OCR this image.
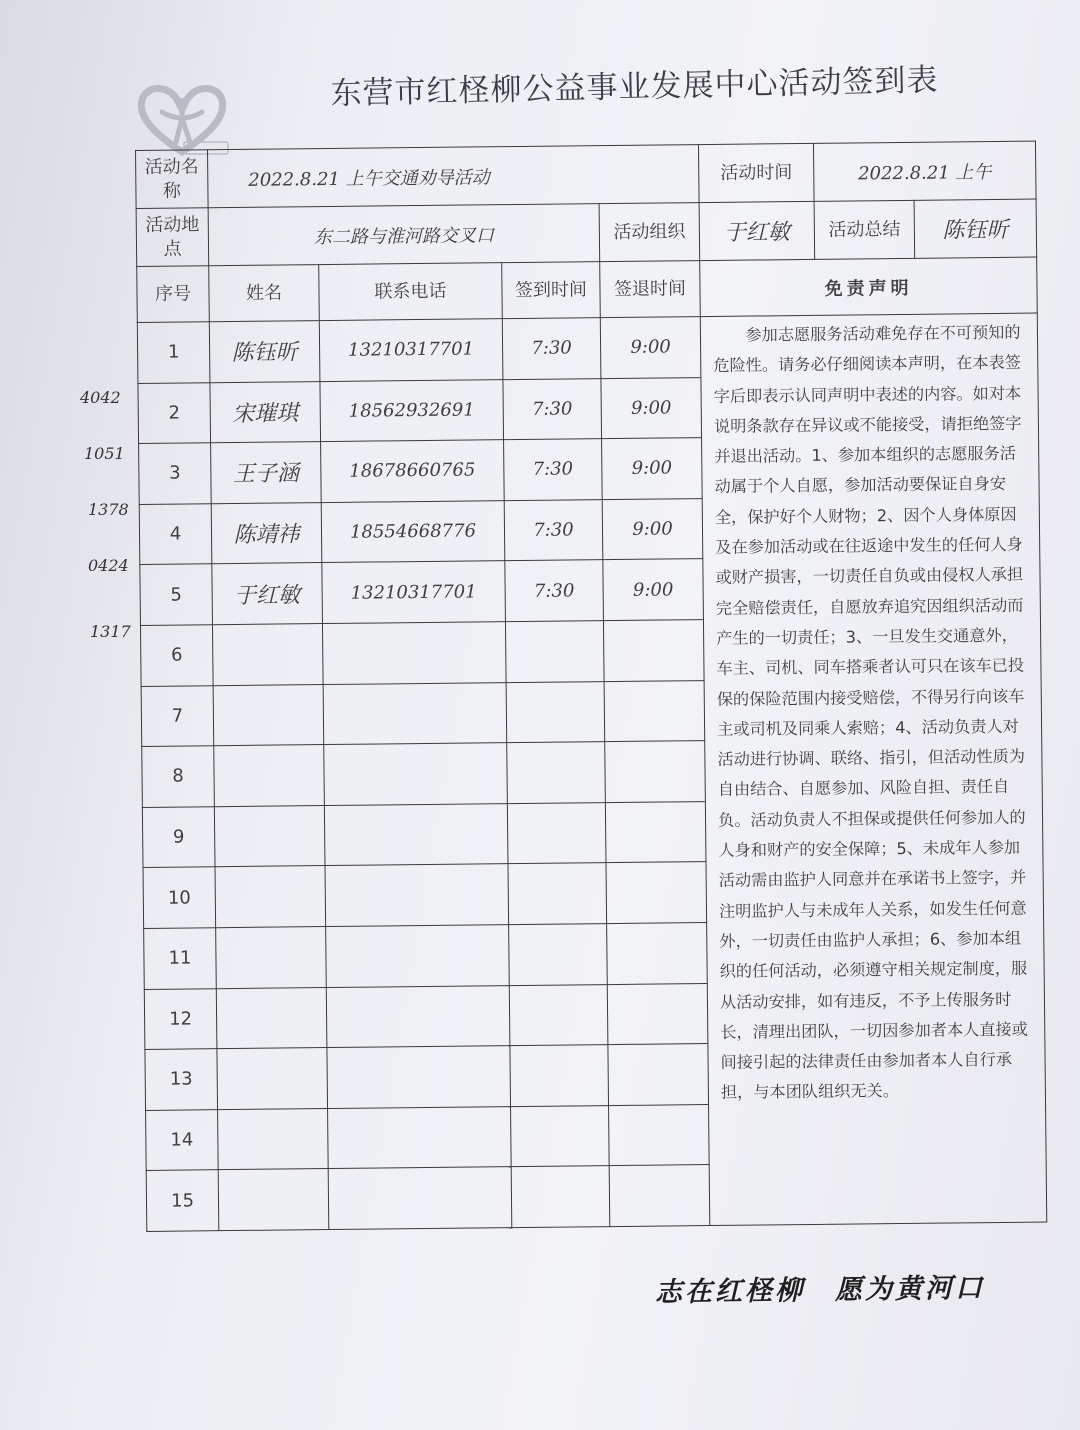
东营市红柽柳公益事业发展中心活动签到表
4042
1051
1378
0424
1317
活动名称	2022.8.21 上午交通劝导活动				活动时间	2022.8.21 上午	
活动地点	东二路与淮河路交叉口			活动组织	于红敏	活动总结	陈钰昕
序号	姓名	联系电话	签到时间	签退时间	免责声明		
1	陈钰昕	13210317701	7:30	9:00	参加志愿服务活动难免存在不可预知的危险性。请务必仔细阅读本声明，在本表签字后即表示认同声明中表述的内容。如对本说明条款存在异议或不能接受，请拒绝签字并退出活动。1、参加本组织的志愿服务活动属于个人自愿，参加活动要保证自身安全，保护好个人财物；2、因个人身体原因及在参加活动或在往返途中发生的任何人身或财产损害，一切责任自负或由侵权人承担完全赔偿责任，自愿放弃追究因组织活动而产生的一切责任；3、一旦发生交通意外，车主、司机、同车搭乘者认可只在该车已投保的保险范围内接受赔偿，不得另行向该车主或司机及同乘人索赔；4、活动负责人对活动进行协调、联络、指引，但活动性质为自由结合、自愿参加、风险自担、责任自负。活动负责人不担保或提供任何参加人的人身和财产的安全保障；5、未成年人参加活动需由监护人同意并在承诺书上签字，并注明监护人与未成年人关系，如发生任何意外，一切责任由监护人承担；6、参加本组织的任何活动，必须遵守相关规定制度，服从活动安排，如有违反，不予上传服务时长，清理出团队，一切因参加者本人直接或间接引起的法律责任由参加者本人自行承担，与本团队组织无关。		
2	宋璀琪	18562932691	7:30	9:00			
3	王子涵	18678660765	7:30	9:00			
4	陈靖祎	18554668776	7:30	9:00			
5	于红敏	13210317701	7:30	9:00			
6							
7							
8							
9							
10							
11							
12							
13							
14							
15							
志在红柽柳　愿为黄河口
